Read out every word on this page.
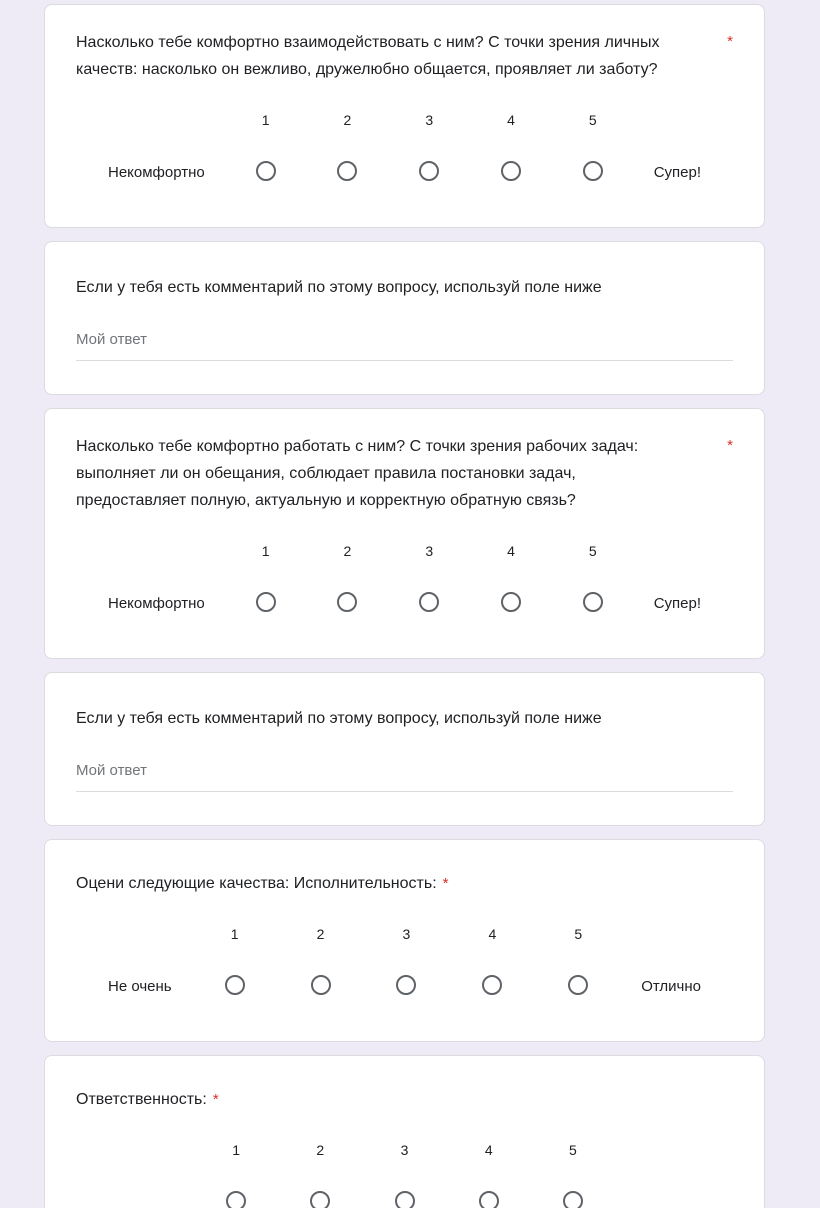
Насколько тебе комфортно взаимодействовать с ним? С точки зрения личных качеств: насколько он вежливо, дружелюбно общается, проявляет ли заботу?
*
Некомфортно
1	2	3	4	5
Супер!
Если у тебя есть комментарий по этому вопросу, используй поле ниже
Мой ответ
Насколько тебе комфортно работать с ним? С точки зрения рабочих задач: выполняет ли он обещания, соблюдает правила постановки задач, предоставляет полную, актуальную и корректную обратную связь?
*
Некомфортно
1	2	3	4	5
Супер!
Если у тебя есть комментарий по этому вопросу, используй поле ниже
Мой ответ
Оцени следующие качества: Исполнительность: *
Не очень
1	2	3	4	5
Отлично
Ответственность: *
1	2	3	4	5
